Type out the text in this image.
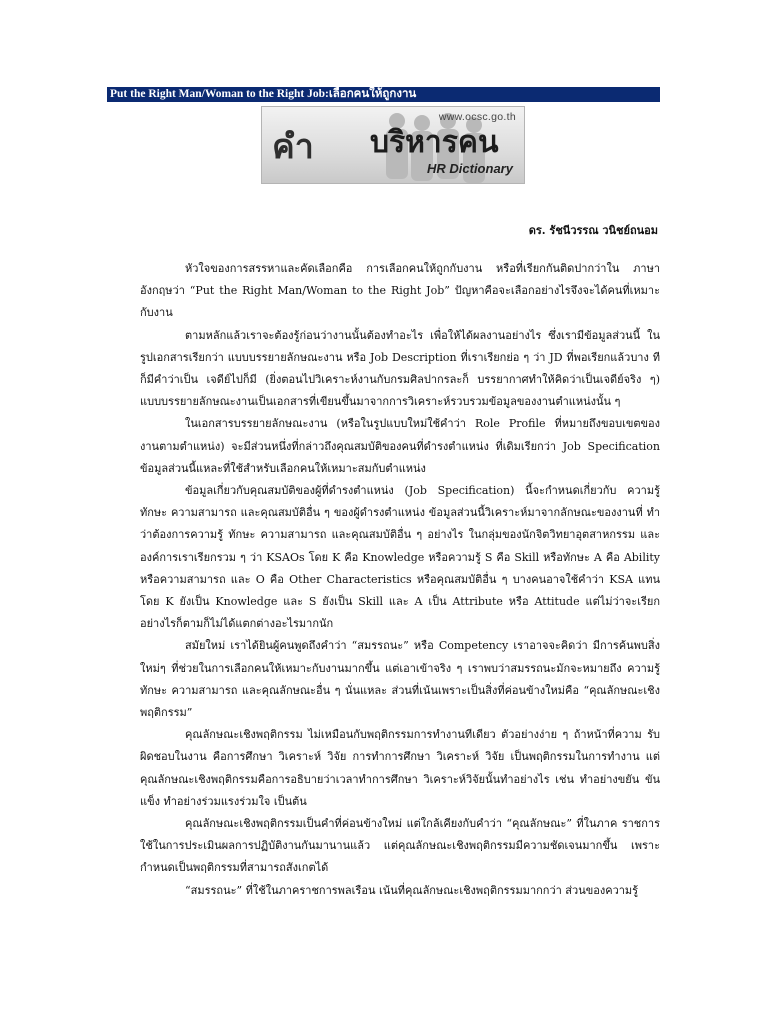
Put the Right Man/Woman to the Right Job:เลือกคนให้ถูกงาน
www.ocsc.go.th
คำ บริหารคน
HR Dictionary
ดร. รัชนีวรรณ วนิชย์ถนอม

หัวใจของการสรรหาและคัดเลือกคือ การเลือกคนให้ถูกกับงาน หรือที่เรียกกันติดปากว่าใน ภาษาอังกฤษว่า “Put the Right Man/Woman to the Right Job” ปัญหาคือจะเลือกอย่างไรจึงจะได้คนที่เหมาะ กับงาน

ตามหลักแล้วเราจะต้องรู้ก่อนว่างานนั้นต้องทำอะไร เพื่อให้ได้ผลงานอย่างไร ซึ่งเรามีข้อมูลส่วนนี้ ในรูปเอกสารเรียกว่า แบบบรรยายลักษณะงาน หรือ Job Description ที่เราเรียกย่อ ๆ ว่า JD ที่พอเรียกแล้วบาง ทีก็มีคำว่าเป็น เจดีย์ไปก็มี (ยิ่งตอนไปวิเคราะห์งานกับกรมศิลปากรละก็ บรรยากาศทำให้คิดว่าเป็นเจดีย์จริง ๆ) แบบบรรยายลักษณะงานเป็นเอกสารที่เขียนขึ้นมาจากการวิเคราะห์รวบรวมข้อมูลของงานตำแหน่งนั้น ๆ

ในเอกสารบรรยายลักษณะงาน (หรือในรูปแบบใหม่ใช้คำว่า Role Profile ที่หมายถึงขอบเขตของ งานตามตำแหน่ง) จะมีส่วนหนึ่งที่กล่าวถึงคุณสมบัติของคนที่ดำรงตำแหน่ง ที่เดิมเรียกว่า Job Specification ข้อมูลส่วนนี้แหละที่ใช้สำหรับเลือกคนให้เหมาะสมกับตำแหน่ง

ข้อมูลเกี่ยวกับคุณสมบัติของผู้ที่ดำรงตำแหน่ง (Job Specification) นี้จะกำหนดเกี่ยวกับ ความรู้ ทักษะ ความสามารถ และคุณสมบัติอื่น ๆ ของผู้ดำรงตำแหน่ง ข้อมูลส่วนนี้วิเคราะห์มาจากลักษณะของงานที่ ทำ ว่าต้องการความรู้ ทักษะ ความสามารถ และคุณสมบัติอื่น ๆ อย่างไร ในกลุ่มของนักจิตวิทยาอุตสาหกรรม และองค์การเราเรียกรวม ๆ ว่า KSAOs โดย K คือ Knowledge หรือความรู้ S คือ Skill หรือทักษะ A คือ Ability หรือความสามารถ และ O คือ Other Characteristics หรือคุณสมบัติอื่น ๆ บางคนอาจใช้คำว่า KSA แทนโดย K ยังเป็น Knowledge และ S ยังเป็น Skill และ A เป็น Attribute หรือ Attitude แต่ไม่ว่าจะเรียก อย่างไรก็ตามก็ไม่ได้แตกต่างอะไรมากนัก

สมัยใหม่ เราได้ยินผู้คนพูดถึงคำว่า “สมรรถนะ” หรือ Competency เราอาจจะคิดว่า มีการค้นพบสิ่ง ใหม่ๆ ที่ช่วยในการเลือกคนให้เหมาะกับงานมากขึ้น แต่เอาเข้าจริง ๆ เราพบว่าสมรรถนะมักจะหมายถึง ความรู้ ทักษะ ความสามารถ และคุณลักษณะอื่น ๆ นั่นแหละ ส่วนที่เน้นเพราะเป็นสิ่งที่ค่อนข้างใหม่คือ “คุณลักษณะเชิงพฤติกรรม”

คุณลักษณะเชิงพฤติกรรม ไม่เหมือนกับพฤติกรรมการทำงานทีเดียว ตัวอย่างง่าย ๆ ถ้าหน้าที่ความ รับผิดชอบในงาน คือการศึกษา วิเคราะห์ วิจัย การทำการศึกษา วิเคราะห์ วิจัย เป็นพฤติกรรมในการทำงาน แต่ คุณลักษณะเชิงพฤติกรรมคือการอธิบายว่าเวลาทำการศึกษา วิเคราะห์วิจัยนั้นทำอย่างไร เช่น ทำอย่างขยัน ขันแข็ง ทำอย่างร่วมแรงร่วมใจ เป็นต้น

คุณลักษณะเชิงพฤติกรรมเป็นคำที่ค่อนข้างใหม่ แต่ใกล้เคียงกับคำว่า “คุณลักษณะ” ที่ในภาค ราชการใช้ในการประเมินผลการปฏิบัติงานกันมานานแล้ว แต่คุณลักษณะเชิงพฤติกรรมมีความชัดเจนมากขึ้น เพราะกำหนดเป็นพฤติกรรมที่สามารถสังเกตได้

“สมรรถนะ” ที่ใช้ในภาคราชการพลเรือน เน้นที่คุณลักษณะเชิงพฤติกรรมมากกว่า ส่วนของความรู้
